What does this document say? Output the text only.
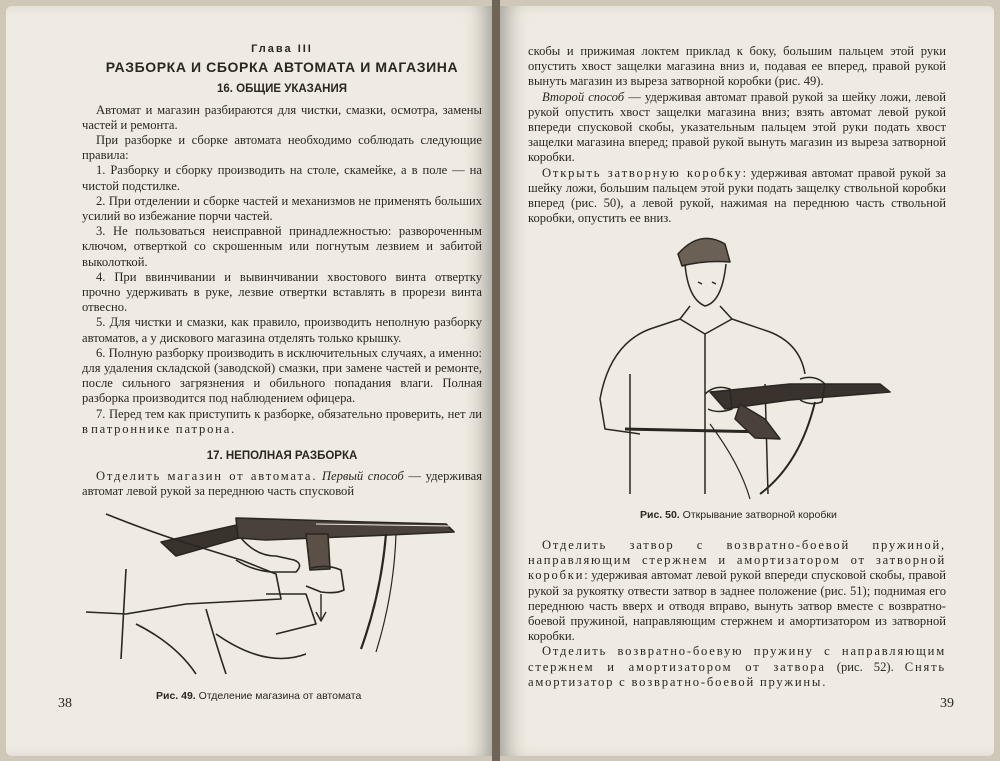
Глава III
РАЗБОРКА И СБОРКА АВТОМАТА И МАГАЗИНА
16. ОБЩИЕ УКАЗАНИЯ

Автомат и магазин разбираются для чистки, смазки, осмотра, замены частей и ремонта.

При разборке и сборке автомата необходимо соблюдать следующие правила:

1. Разборку и сборку производить на столе, скамейке, а в поле — на чистой подстилке.

2. При отделении и сборке частей и механизмов не применять больших усилий во избежание порчи частей.

3. Не пользоваться неисправной принадлежностью: развороченным ключом, отверткой со скрошенным или погнутым лезвием и забитой выколоткой.

4. При ввинчивании и вывинчивании хвостового винта отвертку прочно удерживать в руке, лезвие отвертки вставлять в прорези винта отвесно.

5. Для чистки и смазки, как правило, производить неполную разборку автоматов, а у дискового магазина отделять только крышку.

6. Полную разборку производить в исключительных случаях, а именно: для удаления складской (заводской) смазки, при замене частей и ремонте, после сильного загрязнения и обильного попадания влаги. Полная разборка производится под наблюдением офицера.

7. Перед тем как приступить к разборке, обязательно проверить, нет ли в патроннике патрона.

17. НЕПОЛНАЯ РАЗБОРКА

Отделить магазин от автомата. Первый способ — удерживая автомат левой рукой за переднюю часть спусковой

Рис. 49. Отделение магазина от автомата
38

скобы и прижимая локтем приклад к боку, большим пальцем этой руки опустить хвост защелки магазина вниз и, подавая ее вперед, правой рукой вынуть магазин из выреза затворной коробки (рис. 49).

Второй способ — удерживая автомат правой рукой за шейку ложи, левой рукой опустить хвост защелки магазина вниз; взять автомат левой рукой впереди спусковой скобы, указательным пальцем этой руки подать хвост защелки магазина вперед; правой рукой вынуть магазин из выреза затворной коробки.

Открыть затворную коробку: удерживая автомат правой рукой за шейку ложи, большим пальцем этой руки подать защелку ствольной коробки вперед (рис. 50), а левой рукой, нажимая на переднюю часть ствольной коробки, опустить ее вниз.

Рис. 50. Открывание затворной коробки

Отделить затвор с возвратно-боевой пружиной, направляющим стержнем и амортизатором от затворной коробки: удерживая автомат левой рукой впереди спусковой скобы, правой рукой за рукоятку отвести затвор в заднее положение (рис. 51); поднимая его переднюю часть вверх и отводя вправо, вынуть затвор вместе с возвратно-боевой пружиной, направляющим стержнем и амортизатором из затворной коробки.

Отделить возвратно-боевую пружину с направляющим стержнем и амортизатором от затвора (рис. 52). Снять амортизатор с возвратно-боевой пружины.

39
